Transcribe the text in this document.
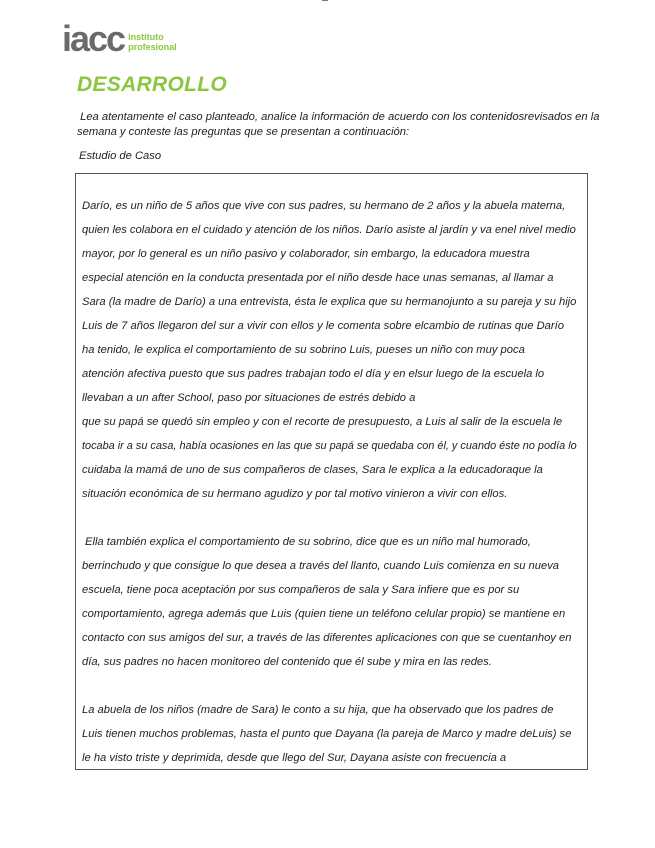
▬
iacc instituto
profesional
DESARROLLO
Lea atentamente el caso planteado, analice la información de acuerdo con los contenidosrevisados en la semana y conteste las preguntas que se presentan a continuación:
Estudio de Caso
Darío, es un niño de 5 años que vive con sus padres, su hermano de 2 años y la abuela materna,
quien les colabora en el cuidado y atención de los niños. Darío asiste al jardín y va enel nivel medio
mayor, por lo general es un niño pasivo y colaborador, sin embargo, la educadora muestra
especial atención en la conducta presentada por el niño desde hace unas semanas, al llamar a
Sara (la madre de Darío) a una entrevista, ésta le explica que su hermanojunto a su pareja y su hijo
Luis de 7 años llegaron del sur a vivir con ellos y le comenta sobre elcambio de rutinas que Darío
ha tenido, le explica el comportamiento de su sobrino Luis, pueses un niño con muy poca
atención afectiva puesto que sus padres trabajan todo el día y en elsur luego de la escuela lo
llevaban a un after School, paso por situaciones de estrés debido a
que su papá se quedó sin empleo y con el recorte de presupuesto, a Luis al salir de la escuela le
tocaba ir a su casa, había ocasiones en las que su papá se quedaba con él, y cuando éste no podía lo
cuidaba la mamá de uno de sus compañeros de clases, Sara le explica a la educadoraque la
situación económica de su hermano agudizo y por tal motivo vinieron a vivir con ellos.
Ella también explica el comportamiento de su sobrino, dice que es un niño mal humorado,
berrinchudo y que consigue lo que desea a través del llanto, cuando Luis comienza en su nueva
escuela, tiene poca aceptación por sus compañeros de sala y Sara infiere que es por su
comportamiento, agrega además que Luis (quien tiene un teléfono celular propio) se mantiene en
contacto con sus amigos del sur, a través de las diferentes aplicaciones con que se cuentanhoy en
día, sus padres no hacen monitoreo del contenido que él sube y mira en las redes.
La abuela de los niños (madre de Sara) le conto a su hija, que ha observado que los padres de
Luis tienen muchos problemas, hasta el punto que Dayana (la pareja de Marco y madre deLuis) se
le ha visto triste y deprimida, desde que llego del Sur, Dayana asiste con frecuencia a
